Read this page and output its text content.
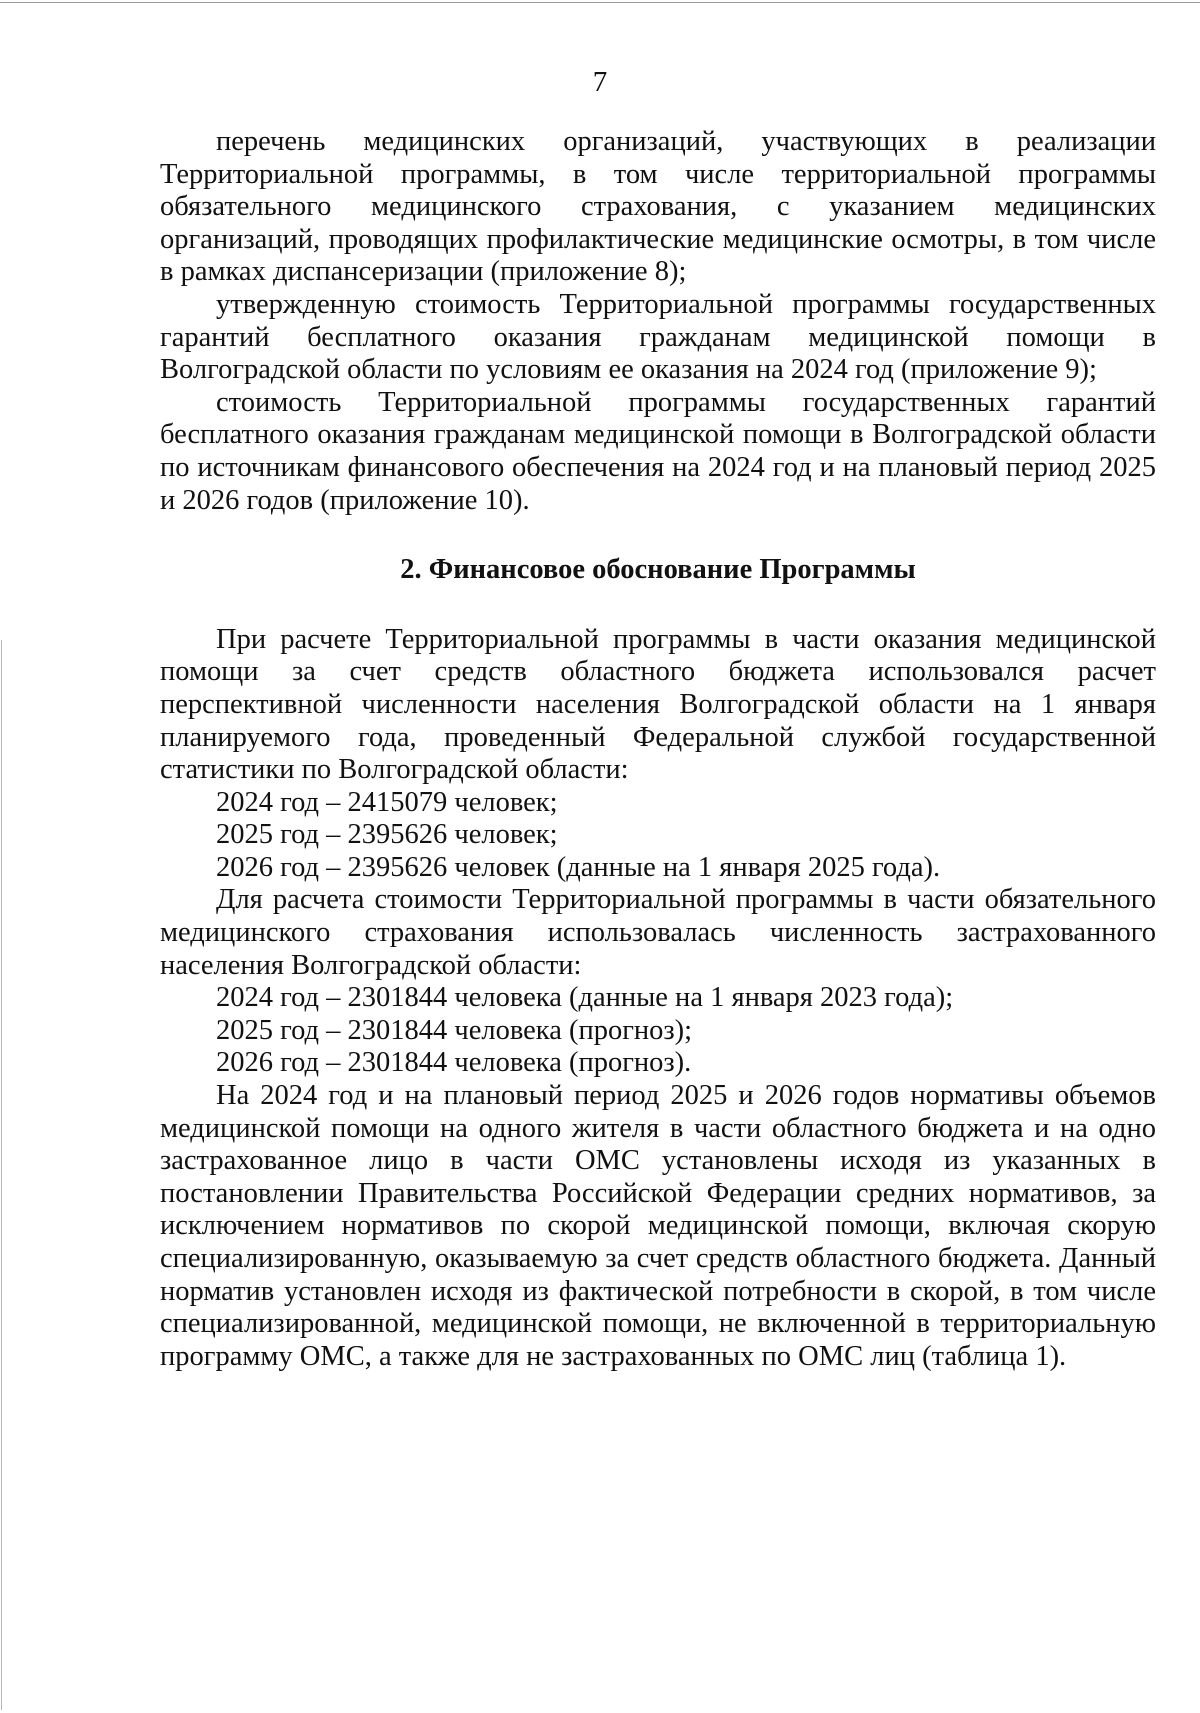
7

перечень медицинских организаций, участвующих в реализации Территориальной программы, в том числе территориальной программы обязательного медицинского страхования, с указанием медицинских организаций, проводящих профилактические медицинские осмотры, в том числе в рамках диспансеризации (приложение 8);

утвержденную стоимость Территориальной программы государственных гарантий бесплатного оказания гражданам медицинской помощи в Волгоградской области по условиям ее оказания на 2024 год (приложение 9);

стоимость Территориальной программы государственных гарантий бесплатного оказания гражданам медицинской помощи в Волгоградской области по источникам финансового обеспечения на 2024 год и на плановый период 2025 и 2026 годов (приложение 10).

2. Финансовое обоснование Программы

При расчете Территориальной программы в части оказания медицинской помощи за счет средств областного бюджета использовался расчет перспективной численности населения Волгоградской области на 1 января планируемого года, проведенный Федеральной службой государственной статистики по Волгоградской области:

2024 год – 2415079 человек;

2025 год – 2395626 человек;

2026 год – 2395626 человек (данные на 1 января 2025 года).

Для расчета стоимости Территориальной программы в части обязательного медицинского страхования использовалась численность застрахованного населения Волгоградской области:

2024 год – 2301844 человека (данные на 1 января 2023 года);

2025 год – 2301844 человека (прогноз);

2026 год – 2301844 человека (прогноз).

На 2024 год и на плановый период 2025 и 2026 годов нормативы объемов медицинской помощи на одного жителя в части областного бюджета и на одно застрахованное лицо в части ОМС установлены исходя из указанных в постановлении Правительства Российской Федерации средних нормативов, за исключением нормативов по скорой медицинской помощи, включая скорую специализированную, оказываемую за счет средств областного бюджета. Данный норматив установлен исходя из фактической потребности в скорой, в том числе специализированной, медицинской помощи, не включенной в территориальную программу ОМС, а также для не застрахованных по ОМС лиц (таблица 1).
